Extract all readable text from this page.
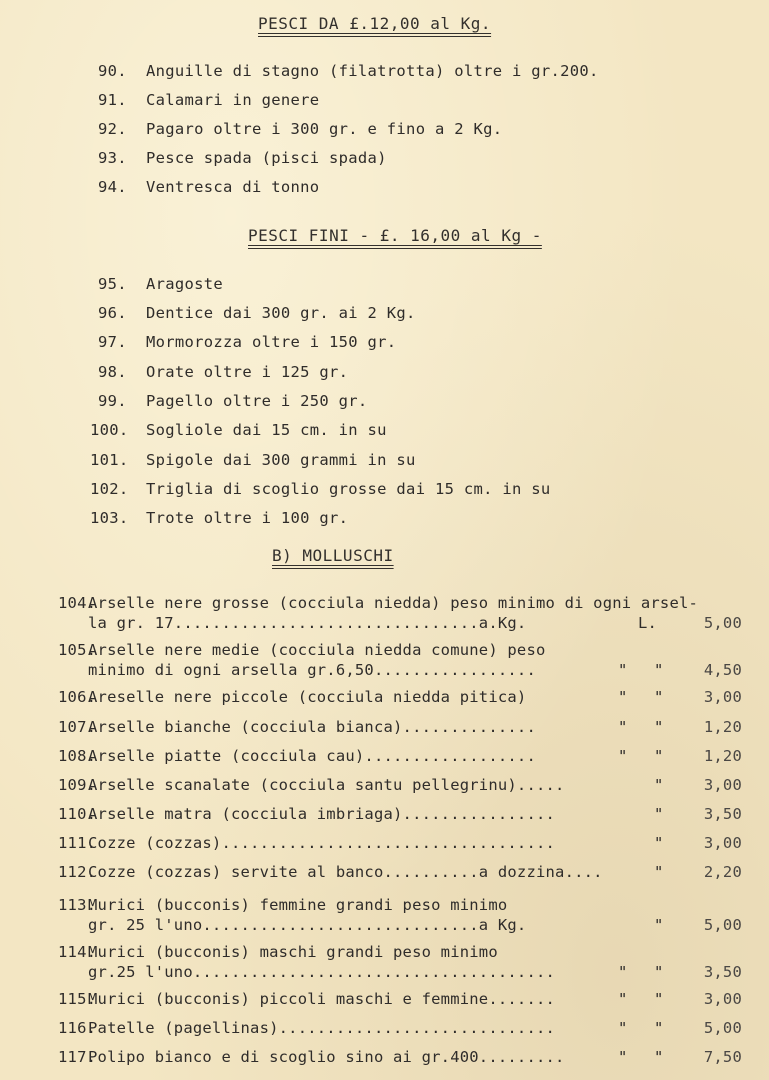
PESCI DA £.12,00 al Kg.
90. Anguille di stagno (filatrotta) oltre i gr.200.
91. Calamari in genere
92. Pagaro oltre i 300 gr. e fino a 2 Kg.
93. Pesce spada (pisci spada)
94. Ventresca di tonno
PESCI FINI - £. 16,00 al Kg -
95. Aragoste
96. Dentice dai 300 gr. ai 2 Kg.
97. Mormorozza oltre i 150 gr.
98. Orate oltre i 125 gr.
99. Pagello oltre i 250 gr.
100. Sogliole dai 15 cm. in su
101. Spigole dai 300 grammi in su
102. Triglia di scoglio grosse dai 15 cm. in su
103. Trote oltre i 100 gr.
B) MOLLUSCHI
104.
Arselle nere grosse (cocciula niedda) peso minimo di ogni arsel-
la gr. 17................................a.Kg.	L.	5,00
105.
Arselle nere medie (cocciula niedda comune) peso
minimo di ogni arsella gr.6,50.................	" "	4,50
106.
Areselle nere piccole (cocciula niedda pitica)	" "	3,00
107.
Arselle bianche (cocciula bianca)..............	" "	1,20
108.
Arselle piatte (cocciula cau)..................	" "	1,20
109.
Arselle scanalate (cocciula santu pellegrinu).....	"	3,00
110.
Arselle matra (cocciula imbriaga)................	"	3,50
111.
Cozze (cozzas)...................................	"	3,00
112.
Cozze (cozzas) servite al banco..........a dozzina....	"	2,20
113.
Murici (bucconis) femmine grandi peso minimo
gr. 25 l'uno.............................a Kg.	"	5,00
114.
Murici (bucconis) maschi grandi peso minimo
gr.25 l'uno......................................	" "	3,50
115.
Murici (bucconis) piccoli maschi e femmine.......	" "	3,00
116.
Patelle (pagellinas).............................	" "	5,00
117.
Polipo bianco e di scoglio sino ai gr.400.........	" "	7,50
